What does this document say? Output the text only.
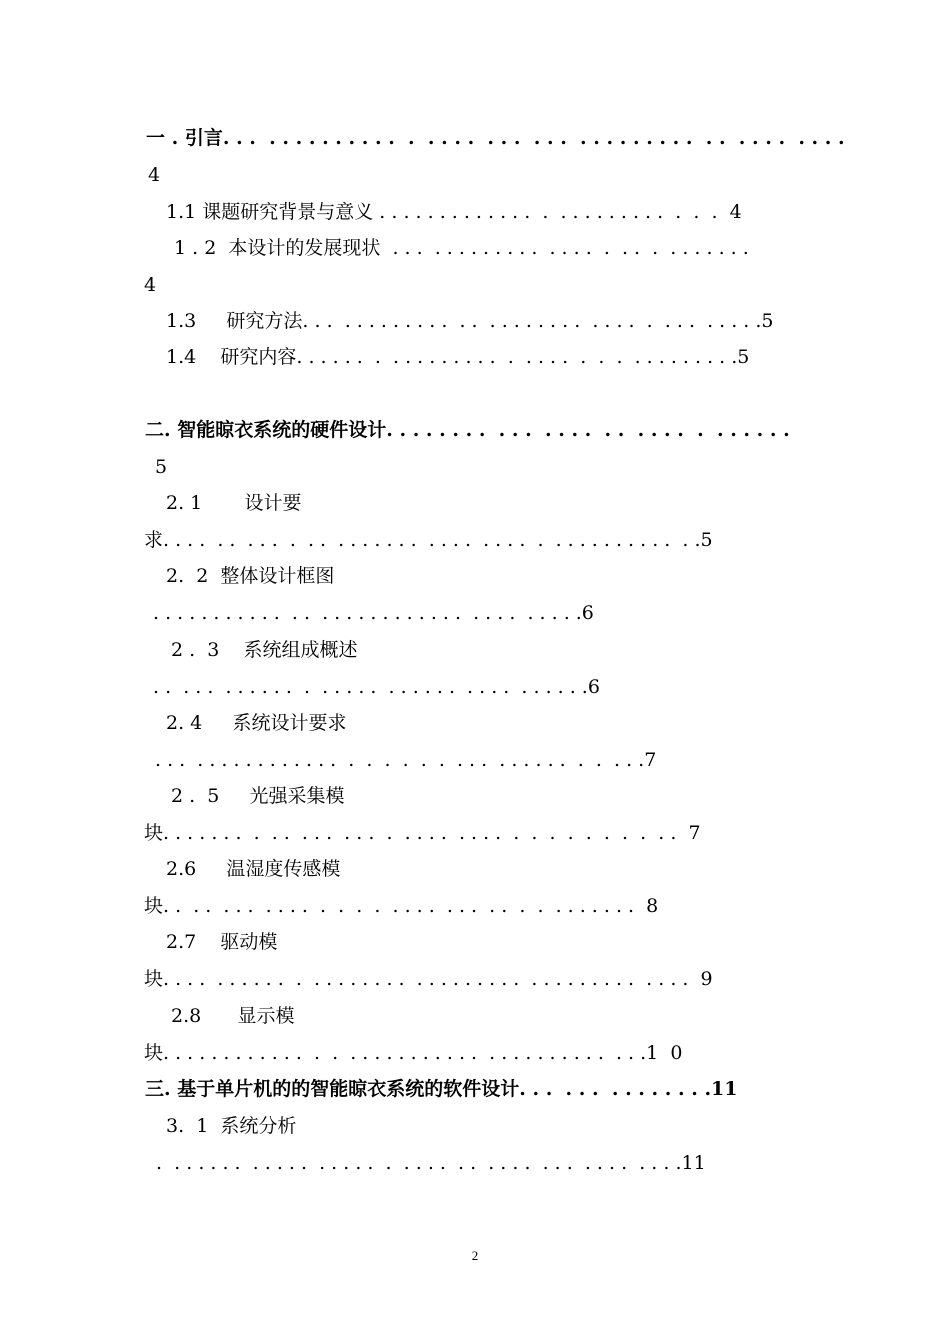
一 . 引言. . .  . . . . . . . . . .  .  . . . .  . . .  . . .  . . . . . . . . .  . .  . . . .  . . . .
4
1.1 课题研究背景与意义 . . . . . . . . . . . . .  .  . . . . . . . . .  .  .  .  4
1 . 2  本设计的发展现状  . . .  . . . . . . . . .  . . . .  .  . .  .  . . . . . . .
4
1.3     研究方法. . .  . . . . . . . . .  . .  . . . . . . . .  . . . .  .  . . .  . . . . .5
1.4    研究内容. . . . . .  .  . . . . . . . . .  .  . . . .  .  .  .  . . . . . . . . .5
二. 智能晾衣系统的硬件设计. . . . . . . .  . . .  . . . .  . .  . . . .  .  . . . . . .
5
2. 1       设计要
求. . . .  . .  . . .  .  . .  . . . . . . .  . . . .  . . . .  .  . . . . . . . . . .  . .5
2.  2  整体设计框图
. . . . . . . . . . .  . .  . . . . . . . . . . . .  . . . .  . . . . .6
2 .  3    系统组成概述
. .  . . .  . . . . . .  .  . . . . .  . . . . . .  . . . .  . . . . . .6
2. 4     系统设计要求
. . .  . . . . . . . . . . . .  .  .  .  .  .  .  . . .  . . . . . .  .  .  . . .7
2 .  5     光强采集模
块. . . . . . .  .  . .  . . .  . . .  .  . . . .  . . . .  .  .  .  .  .  .  .  .  . .  7
2.6     温湿度传感模
块. .  . .  . . .  . . . .  .  .  .  .  . . . .  . . .  . .  .  .  . . . . . . .  8
2.7    驱动模
块. . . .  . . . . . .  .  . . . . . . . .  . . . . . . . . .  . . . . . . . . .  . . . .  9
2.8      显示模
块. . . . . . . . . . . .  .  .  . . . . . . . . . . .  . . . . . . . . . .  . . .1  0
三. 基于单片机的的智能晾衣系统的软件设计. . .  . . .  . . . . . . . .11
3.  1  系统分析
.  . . . . . .  . . . . .  . . . . .  .  . . . .  . .  . . . .  . . .  . . . .  . . . .11
2
